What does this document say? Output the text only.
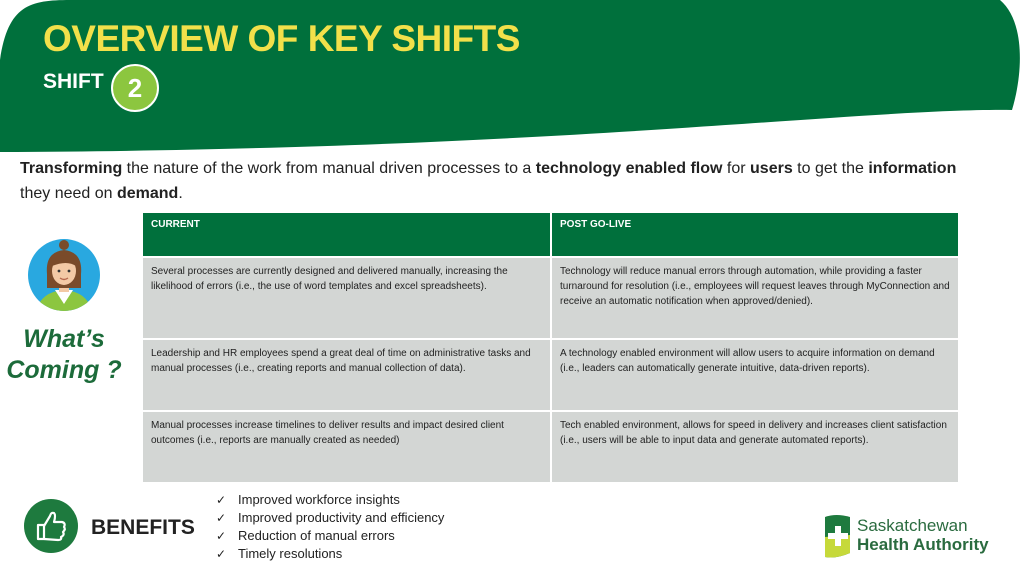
OVERVIEW OF KEY SHIFTS
SHIFT 2

Transforming the nature of the work from manual driven processes to a technology enabled flow for users to get the information they need on demand.

What’s
Coming ?
CURRENT	POST GO-LIVE
Several processes are currently designed and delivered manually, increasing the likelihood of errors (i.e., the use of word templates and excel spreadsheets).	Technology will reduce manual errors through automation, while providing a faster turnaround for resolution (i.e., employees will request leaves through MyConnection and receive an automatic notification when approved/denied).
Leadership and HR employees spend a great deal of time on administrative tasks and manual processes (i.e., creating reports and manual collection of data).	A technology enabled environment will allow users to acquire information on demand (i.e., leaders can automatically generate intuitive, data-driven reports).
Manual processes increase timelines to deliver results and impact desired client outcomes (i.e., reports are manually created as needed)	Tech enabled environment, allows for speed in delivery and increases client satisfaction (i.e., users will be able to input data and generate automated reports).
BENEFITS
✓ Improved workforce insights
✓ Improved productivity and efficiency
✓ Reduction of manual errors
✓ Timely resolutions
Saskatchewan
Health Authority
